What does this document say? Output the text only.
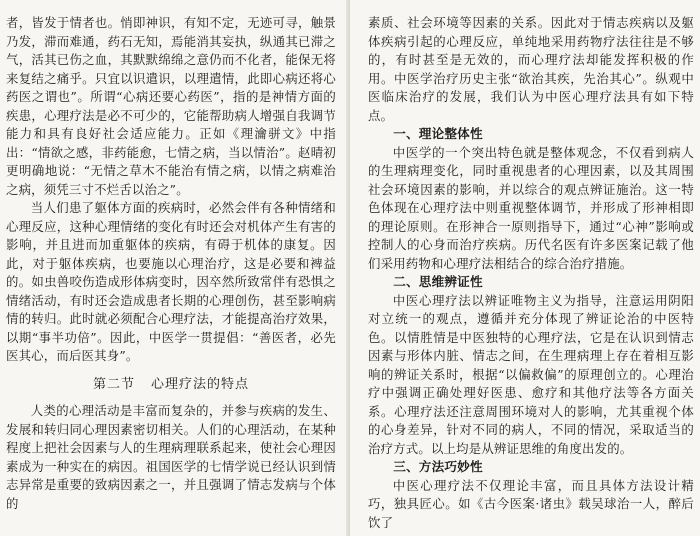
者，皆发于情者也。悄即神识，有知不定，无迹可寻，触景乃发，滞而难通，药石无知，焉能消其妄执，纵通其已滞之气，活其已伤之血，其默默绵绵之意仍而不化者，能保无将来复结之痛乎。只宜以识遣识，以理遣情，此即心病还将心药医之谓也”。所谓“心病还要心药医”，指的是神情方面的疾患，心理疗法是必不可少的，它能帮助病人增强自我调节能力和具有良好社会适应能力。正如《理瀹骈文》中指出：“情欲之感，非药能愈，七情之病，当以情治”。赵晴初更明确地说：“无情之草木不能治有情之病，以情之病难治之病，须凭三寸不烂舌以治之”。

当人们患了躯体方面的疾病时，必然会伴有各种情绪和心理反应，这种心理情绪的变化有时还会对机体产生有害的影响，并且进而加重躯体的疾病，有碍于机体的康复。因此，对于躯体疾病，也要施以心理治疗，这是必要和裨益的。如虫兽咬伤造成形体病变时，因卒然所致常伴有恐惧之情绪活动，有时还会造成患者长期的心理创伤，甚至影响病情的转归。此时就必须配合心理疗法，才能提高治疗效果，以期“事半功倍”。因此，中医学一贯提倡：“善医者，必先医其心，而后医其身”。

第二节 心理疗法的特点

人类的心理活动是丰富而复杂的，并参与疾病的发生、发展和转归同心理因素密切相关。人们的心理活动，在某种程度上把社会因素与人的生理病理联系起来，使社会心理因素成为一种实在的病因。祖国医学的七情学说已经认识到情志异常是重要的致病因素之一，并且强调了情志发病与个体的

素质、社会环境等因素的关系。因此对于情志疾病以及躯体疾病引起的心理反应，单纯地采用药物疗法往往是不够的，有时甚至是无效的，而心理疗法却能发挥积极的作用。中医学治疗历史主张“欲治其疾，先治其心”。纵观中医临床治疗的发展，我们认为中医心理疗法具有如下特点。

一、理论整体性

中医学的一个突出特色就是整体观念，不仅看到病人的生理病理变化，同时重视患者的心理因素，以及其周围社会环境因素的影响，并以综合的观点辨证施治。这一特色体现在心理疗法中则重视整体调节，并形成了形神相即的理论原则。在形神合一原则指导下，通过“心神”影响或控制人的心身而治疗疾病。历代名医有许多医案记载了他们采用药物和心理疗法相结合的综合治疗措施。

二、思维辨证性

中医心理疗法以辨证唯物主义为指导，注意运用阴阳对立统一的观点，遵循并充分体现了辨证论治的中医特色。以情胜情是中医独特的心理疗法，它是在认识到情志因素与形体内脏、情志之间，在生理病理上存在着相互影响的辨证关系时，根据“以偏救偏”的原理创立的。心理治疗中强调正确处理好医患、愈疗和其他疗法等各方面关系。心理疗法还注意周围环境对人的影响，尤其重视个体的心身差异，针对不同的病人，不同的情况，采取适当的治疗方式。以上均是从辨证思维的角度出发的。

三、方法巧妙性

中医心理疗法不仅理论丰富，而且具体方法设计精巧，独具匠心。如《古今医案·诸虫》载吴球治一人，醉后饮了
